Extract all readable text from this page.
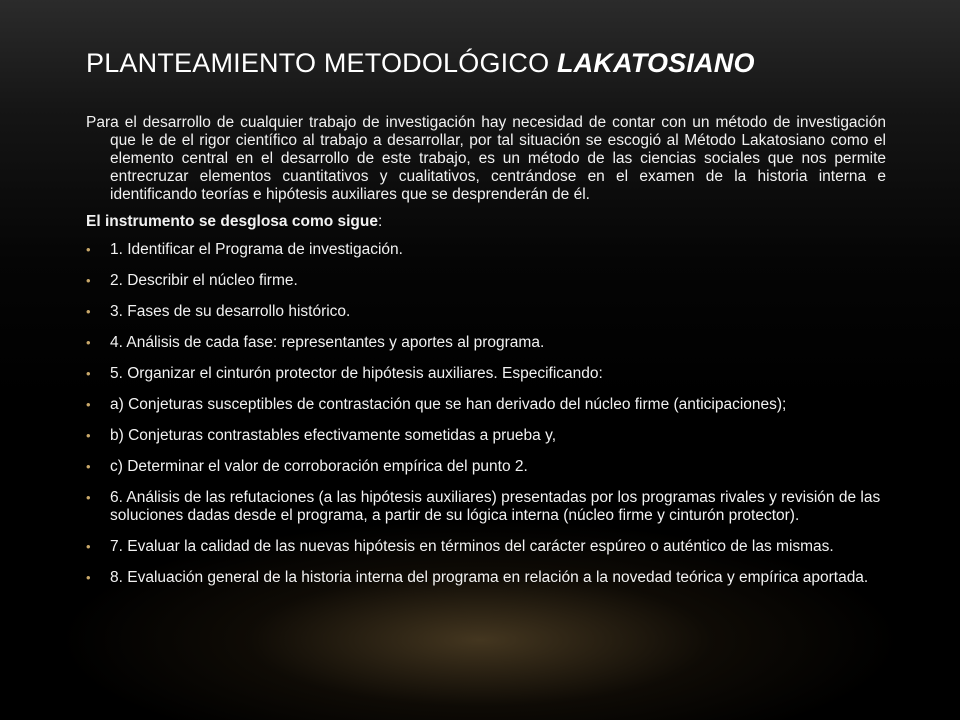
PLANTEAMIENTO METODOLÓGICO LAKATOSIANO

Para el desarrollo de cualquier trabajo de investigación hay necesidad de contar con un método de investigación que le de el rigor científico al trabajo a desarrollar, por tal situación se escogió al Método Lakatosiano como el elemento central en el desarrollo de este trabajo, es un método de las ciencias sociales que nos permite entrecruzar elementos cuantitativos y cualitativos, centrándose en el examen de la historia interna e identificando teorías e hipótesis auxiliares que se desprenderán de él.

El instrumento se desglosa como sigue:

• 1. Identificar el Programa de investigación.
• 2. Describir el núcleo firme.
• 3. Fases de su desarrollo histórico.
• 4. Análisis de cada fase: representantes y aportes al programa.
• 5. Organizar el cinturón protector de hipótesis auxiliares. Especificando:
• a) Conjeturas susceptibles de contrastación que se han derivado del núcleo firme (anticipaciones);
• b) Conjeturas contrastables efectivamente sometidas a prueba y,
• c) Determinar el valor de corroboración empírica del punto 2.
• 6. Análisis de las refutaciones (a las hipótesis auxiliares) presentadas por los programas rivales y revisión de las soluciones dadas desde el programa, a partir de su lógica interna (núcleo firme y cinturón protector).
• 7. Evaluar la calidad de las nuevas hipótesis en términos del carácter espúreo o auténtico de las mismas.
• 8. Evaluación general de la historia interna del programa en relación a la novedad teórica y empírica aportada.
